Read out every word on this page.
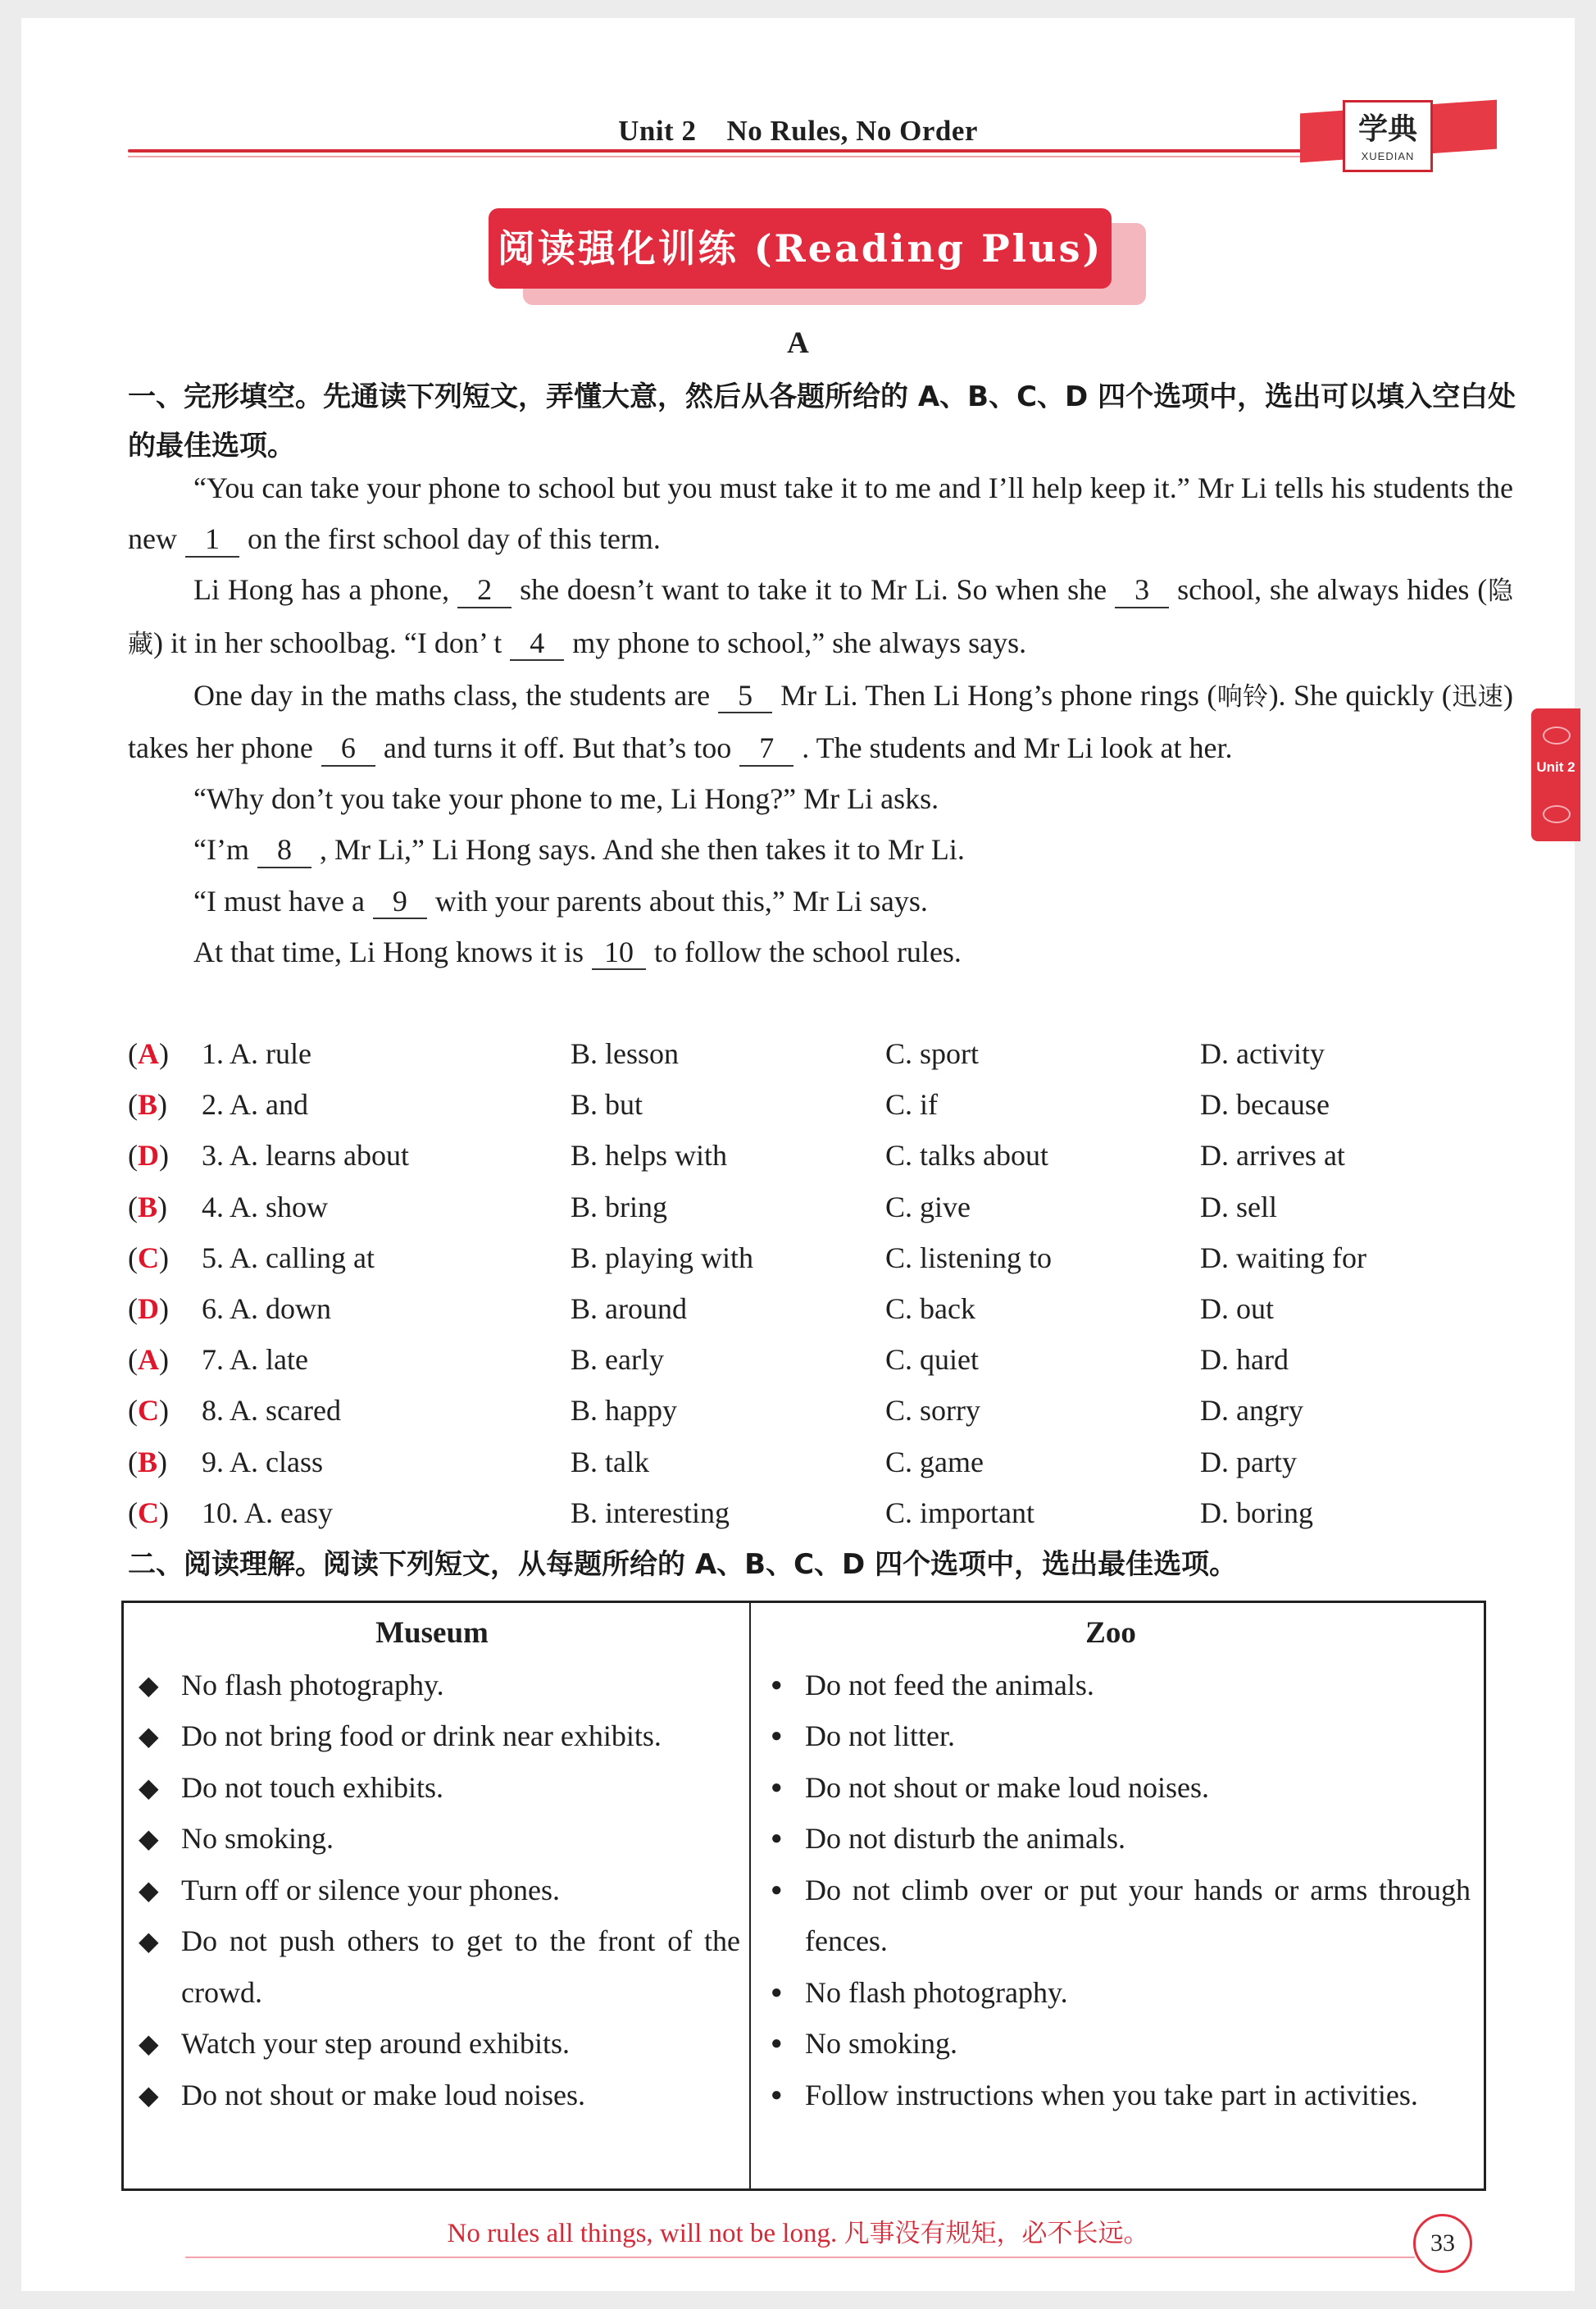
Unit 2    No Rules, No Order	学典
XUEDIAN
阅读强化训练 (Reading Plus)
A
一、完形填空。先通读下列短文，弄懂大意，然后从各题所给的 A、B、C、D 四个选项中，选出可以填入空白处的最佳选项。

“You can take your phone to school but you must take it to me and I’ll help keep it.” Mr Li tells his students the new 1 on the first school day of this term.

Li Hong has a phone, 2 she doesn’t want to take it to Mr Li. So when she 3 school, she always hides (隐藏) it in her schoolbag. “I don’ t 4 my phone to school,” she always says.

One day in the maths class, the students are 5 Mr Li. Then Li Hong’s phone rings (响铃). She quickly (迅速) takes her phone 6 and turns it off. But that’s too 7 . The students and Mr Li look at her.

“Why don’t you take your phone to me, Li Hong?” Mr Li asks.

“I’m 8 , Mr Li,” Li Hong says. And she then takes it to Mr Li.

“I must have a 9 with your parents about this,” Mr Li says.

At that time, Li Hong knows it is 10 to follow the school rules.

(A) 1. A. rule	B. lesson	C. sport	D. activity
(B) 2. A. and	B. but	C. if	D. because
(D) 3. A. learns about	B. helps with	C. talks about	D. arrives at
(B) 4. A. show	B. bring	C. give	D. sell
(C) 5. A. calling at	B. playing with	C. listening to	D. waiting for
(D) 6. A. down	B. around	C. back	D. out
(A) 7. A. late	B. early	C. quiet	D. hard
(C) 8. A. scared	B. happy	C. sorry	D. angry
(B) 9. A. class	B. talk	C. game	D. party
(C) 10. A. easy	B. interesting	C. important	D. boring
二、阅读理解。阅读下列短文，从每题所给的 A、B、C、D 四个选项中，选出最佳选项。
Museum
◆ No flash photography.
◆ Do not bring food or drink near exhibits.
◆ Do not touch exhibits.
◆ No smoking.
◆ Turn off or silence your phones.
◆ Do not push others to get to the front of the crowd.
◆ Watch your step around exhibits.
◆ Do not shout or make loud noises.
Zoo
● Do not feed the animals.
● Do not litter.
● Do not shout or make loud noises.
● Do not disturb the animals.
● Do not climb over or put your hands or arms through fences.
● No flash photography.
● No smoking.
● Follow instructions when you take part in activities.
Unit 2
No rules all things, will not be long. 凡事没有规矩，必不长远。	33
